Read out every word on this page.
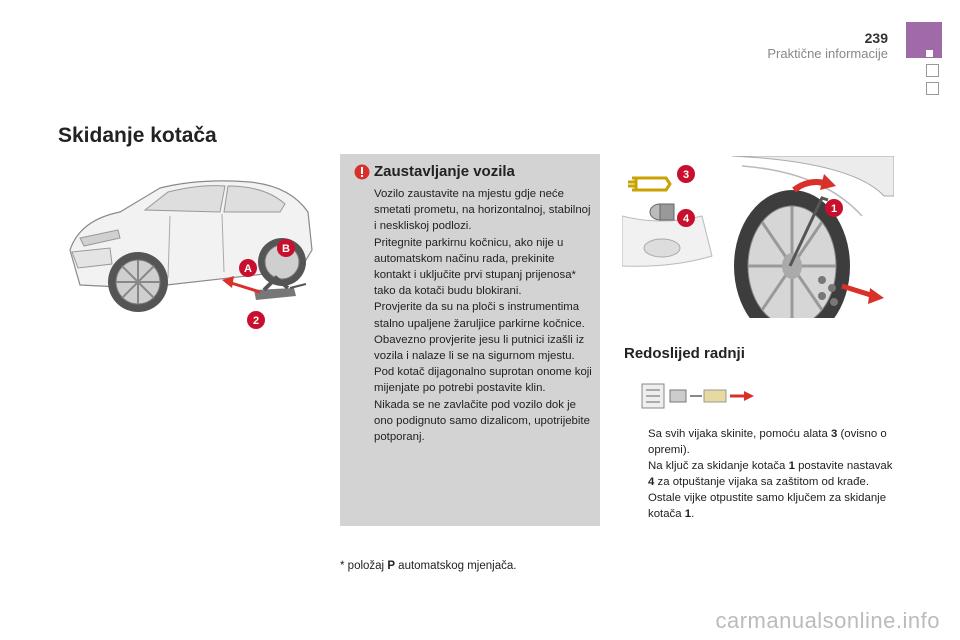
239
Praktične informacije
Skidanje kotača
A
B
2
Zaustavljanje vozila

Vozilo zaustavite na mjestu gdje neće smetati prometu, na horizontalnoj, stabilnoj i neskliskoj podlozi.

Pritegnite parkirnu kočnicu, ako nije u automatskom načinu rada, prekinite kontakt i uključite prvi stupanj prijenosa* tako da kotači budu blokirani.

Provjerite da su na ploči s instrumentima stalno upaljene žaruljice parkirne kočnice.

Obavezno provjerite jesu li putnici izašli iz vozila i nalaze li se na sigurnom mjestu.

Pod kotač dijagonalno suprotan onome koji mijenjate po potrebi postavite klin.

Nikada se ne zavlačite pod vozilo dok je ono podignuto samo dizalicom, upotrijebite potporanj.

* položaj P automatskog mjenjača.
3
4
1
Redoslijed radnji
Sa svih vijaka skinite, pomoću alata 3 (ovisno o opremi).
Na ključ za skidanje kotača 1 postavite nastavak 4 za otpuštanje vijaka sa zaštitom od krađe.
Ostale vijke otpustite samo ključem za skidanje kotača 1.
carmanualsonline.info
